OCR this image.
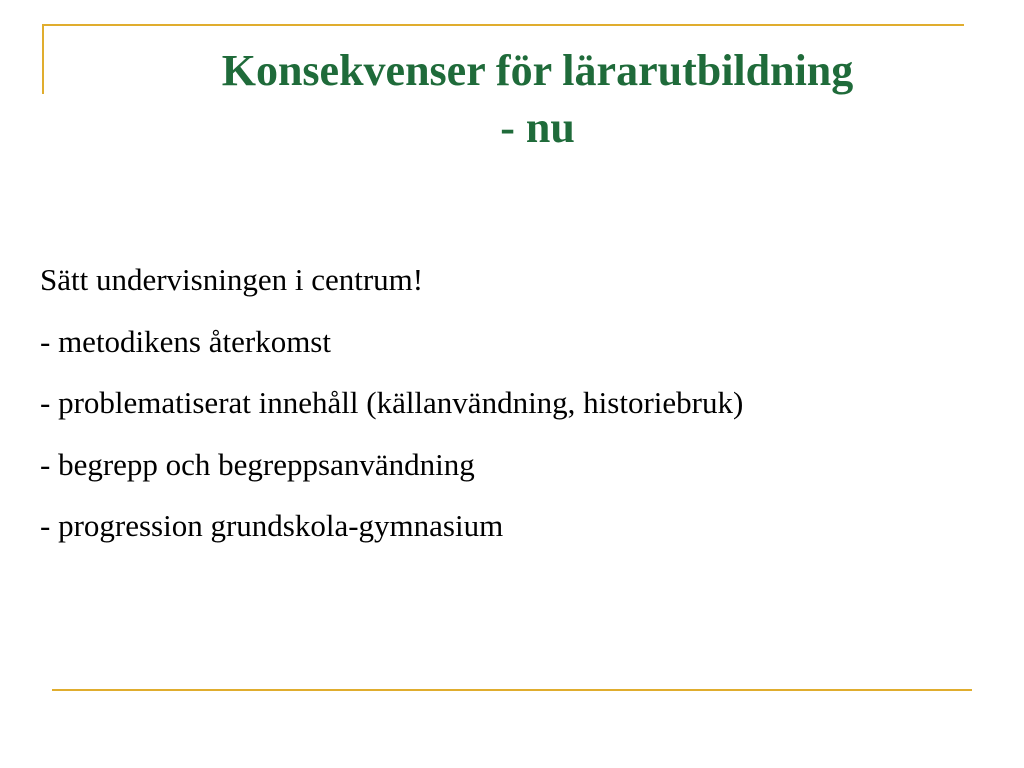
Konsekvenser för lärarutbildning
- nu
Sätt undervisningen i centrum!
- metodikens återkomst
- problematiserat innehåll (källanvändning, historiebruk)
- begrepp och begreppsanvändning
- progression grundskola-gymnasium
